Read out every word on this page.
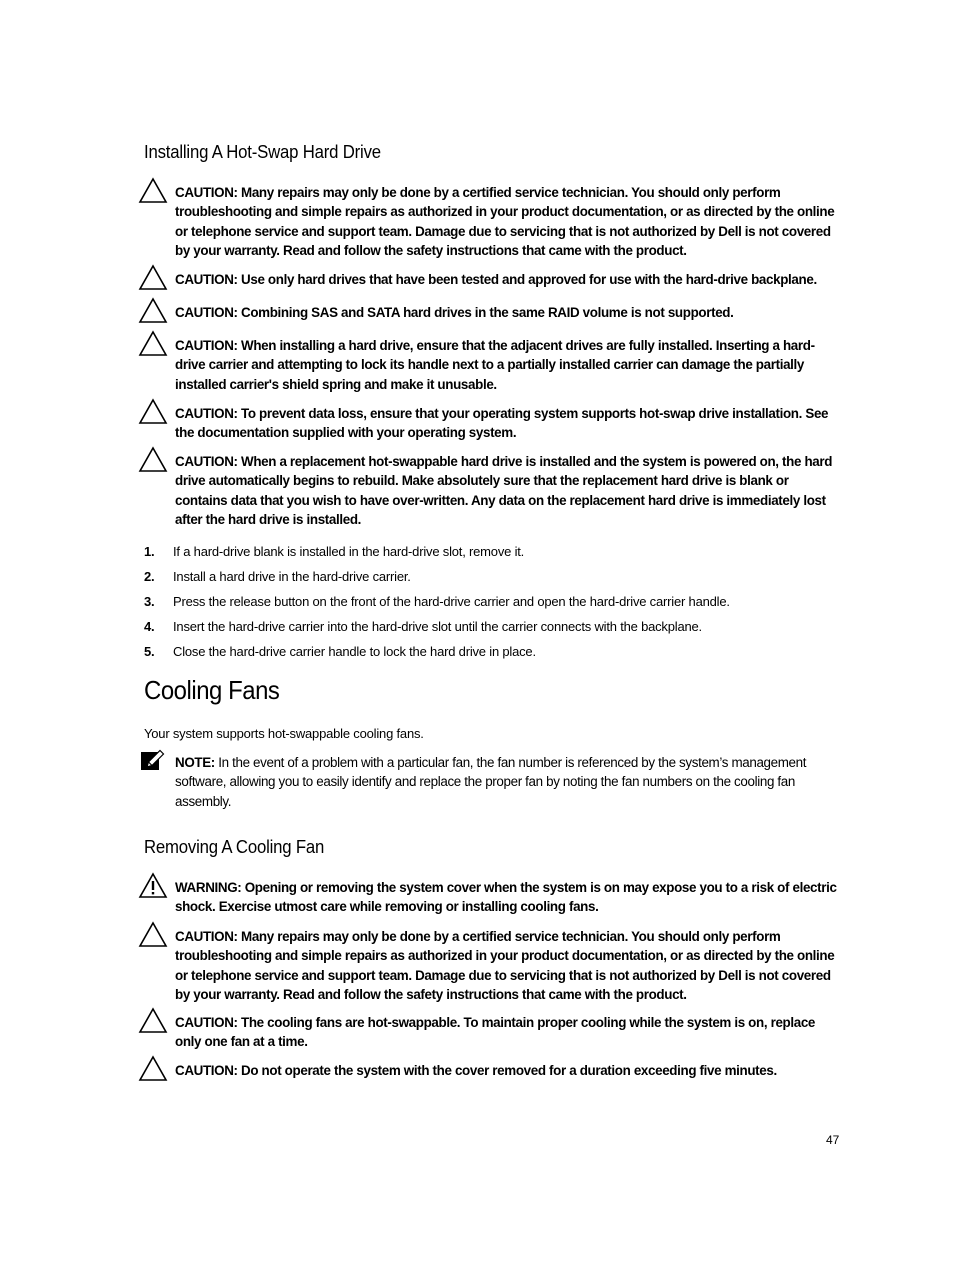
Installing A Hot-Swap Hard Drive
CAUTION: Many repairs may only be done by a certified service technician. You should only perform troubleshooting and simple repairs as authorized in your product documentation, or as directed by the online or telephone service and support team. Damage due to servicing that is not authorized by Dell is not covered by your warranty. Read and follow the safety instructions that came with the product.
CAUTION: Use only hard drives that have been tested and approved for use with the hard-drive backplane.
CAUTION: Combining SAS and SATA hard drives in the same RAID volume is not supported.
CAUTION: When installing a hard drive, ensure that the adjacent drives are fully installed. Inserting a hard-drive carrier and attempting to lock its handle next to a partially installed carrier can damage the partially installed carrier's shield spring and make it unusable.
CAUTION: To prevent data loss, ensure that your operating system supports hot-swap drive installation. See the documentation supplied with your operating system.
CAUTION: When a replacement hot-swappable hard drive is installed and the system is powered on, the hard drive automatically begins to rebuild. Make absolutely sure that the replacement hard drive is blank or contains data that you wish to have over-written. Any data on the replacement hard drive is immediately lost after the hard drive is installed.
1. If a hard-drive blank is installed in the hard-drive slot, remove it.
2. Install a hard drive in the hard-drive carrier.
3. Press the release button on the front of the hard-drive carrier and open the hard-drive carrier handle.
4. Insert the hard-drive carrier into the hard-drive slot until the carrier connects with the backplane.
5. Close the hard-drive carrier handle to lock the hard drive in place.
Cooling Fans
Your system supports hot-swappable cooling fans.
NOTE: In the event of a problem with a particular fan, the fan number is referenced by the system’s management software, allowing you to easily identify and replace the proper fan by noting the fan numbers on the cooling fan assembly.
Removing A Cooling Fan
WARNING: Opening or removing the system cover when the system is on may expose you to a risk of electric shock. Exercise utmost care while removing or installing cooling fans.
CAUTION: Many repairs may only be done by a certified service technician. You should only perform troubleshooting and simple repairs as authorized in your product documentation, or as directed by the online or telephone service and support team. Damage due to servicing that is not authorized by Dell is not covered by your warranty. Read and follow the safety instructions that came with the product.
CAUTION: The cooling fans are hot-swappable. To maintain proper cooling while the system is on, replace only one fan at a time.
CAUTION: Do not operate the system with the cover removed for a duration exceeding five minutes.
47
